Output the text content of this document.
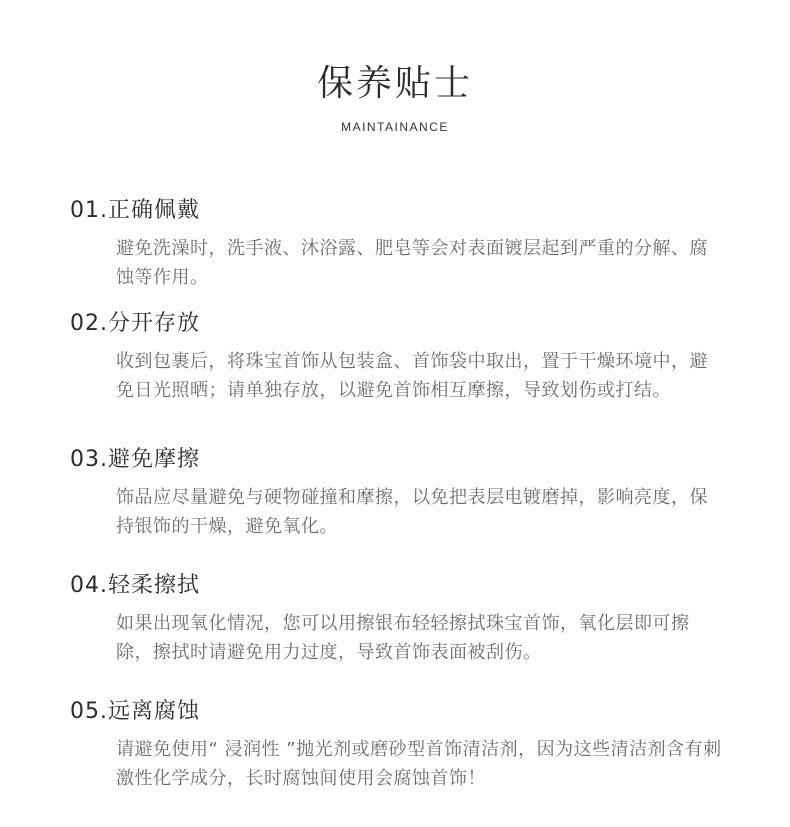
保养贴士
MAINTAINANCE
01.正确佩戴
避免洗澡时，洗手液、沐浴露、肥皂等会对表面镀层起到严重的分解、腐蚀等作用。
02.分开存放
收到包裹后，将珠宝首饰从包装盒、首饰袋中取出，置于干燥环境中，避免日光照晒；请单独存放，以避免首饰相互摩擦，导致划伤或打结。
03.避免摩擦
饰品应尽量避免与硬物碰撞和摩擦，以免把表层电镀磨掉，影响亮度，保持银饰的干燥，避免氧化。
04.轻柔擦拭
如果出现氧化情况，您可以用擦银布轻轻擦拭珠宝首饰，氧化层即可擦除，擦拭时请避免用力过度，导致首饰表面被刮伤。
05.远离腐蚀
请避免使用“ 浸润性 ”抛光剂或磨砂型首饰清洁剂，因为这些清洁剂含有刺激性化学成分，长时腐蚀间使用会腐蚀首饰！
